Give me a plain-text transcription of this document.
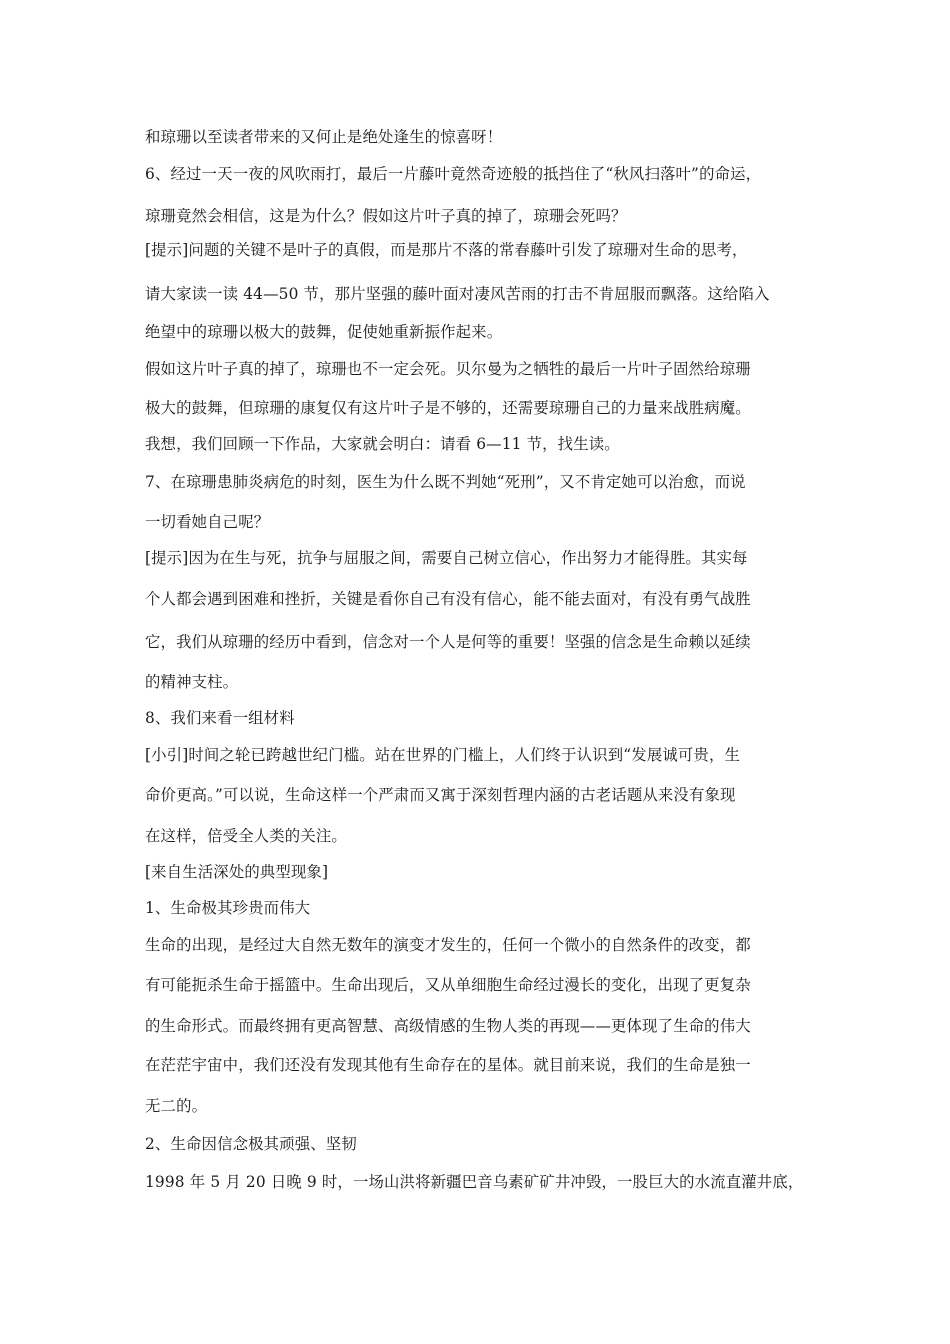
和琼珊以至读者带来的又何止是绝处逢生的惊喜呀！
6、经过一天一夜的风吹雨打，最后一片藤叶竟然奇迹般的抵挡住了“秋风扫落叶”的命运，
琼珊竟然会相信，这是为什么？假如这片叶子真的掉了，琼珊会死吗？
[提示]问题的关键不是叶子的真假，而是那片不落的常春藤叶引发了琼珊对生命的思考，
请大家读一读 44—50 节，那片坚强的藤叶面对凄风苦雨的打击不肯屈服而飘落。这给陷入
绝望中的琼珊以极大的鼓舞，促使她重新振作起来。
假如这片叶子真的掉了，琼珊也不一定会死。贝尔曼为之牺牲的最后一片叶子固然给琼珊
极大的鼓舞，但琼珊的康复仅有这片叶子是不够的，还需要琼珊自己的力量来战胜病魔。
我想，我们回顾一下作品，大家就会明白：请看 6—11 节，找生读。
7、在琼珊患肺炎病危的时刻，医生为什么既不判她“死刑”，又不肯定她可以治愈，而说
一切看她自己呢？
[提示]因为在生与死，抗争与屈服之间，需要自己树立信心，作出努力才能得胜。其实每
个人都会遇到困难和挫折，关键是看你自己有没有信心，能不能去面对，有没有勇气战胜
它，我们从琼珊的经历中看到，信念对一个人是何等的重要！坚强的信念是生命赖以延续
的精神支柱。
8、我们来看一组材料
[小引]时间之轮已跨越世纪门槛。站在世界的门槛上，人们终于认识到“发展诚可贵，生
命价更高。”可以说，生命这样一个严肃而又寓于深刻哲理内涵的古老话题从来没有象现
在这样，倍受全人类的关注。
[来自生活深处的典型现象]
1、生命极其珍贵而伟大
生命的出现，是经过大自然无数年的演变才发生的，任何一个微小的自然条件的改变，都
有可能扼杀生命于摇篮中。生命出现后，又从单细胞生命经过漫长的变化，出现了更复杂
的生命形式。而最终拥有更高智慧、高级情感的生物人类的再现——更体现了生命的伟大
在茫茫宇宙中，我们还没有发现其他有生命存在的星体。就目前来说，我们的生命是独一
无二的。
2、生命因信念极其顽强、坚韧
1998 年 5 月 20 日晚 9 时，一场山洪将新疆巴音乌素矿矿井冲毁，一股巨大的水流直灌井底，
